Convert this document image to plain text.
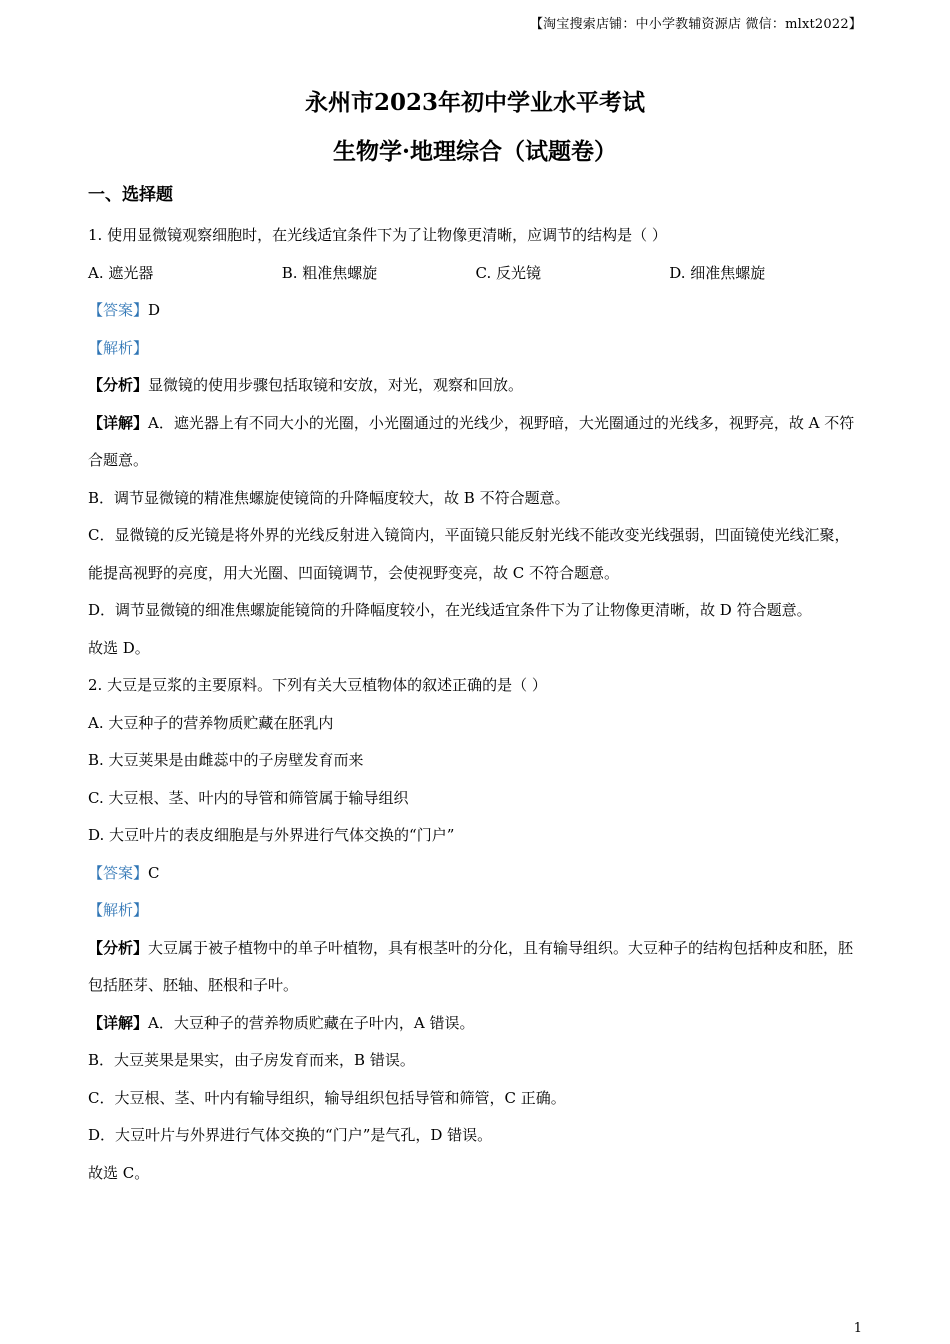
【淘宝搜索店铺：中小学教辅资源店 微信：mlxt2022】
永州市2023年初中学业水平考试
生物学·地理综合（试题卷）
一、选择题

1. 使用显微镜观察细胞时，在光线适宜条件下为了让物像更清晰，应调节的结构是（ ）

A. 遮光器	B. 粗准焦螺旋	C. 反光镜	D. 细准焦螺旋

【答案】D

【解析】

【分析】显微镜的使用步骤包括取镜和安放，对光，观察和回放。

【详解】A．遮光器上有不同大小的光圈，小光圈通过的光线少，视野暗，大光圈通过的光线多，视野亮，故 A 不符合题意。

B．调节显微镜的精准焦螺旋使镜筒的升降幅度较大，故 B 不符合题意。

C．显微镜的反光镜是将外界的光线反射进入镜筒内，平面镜只能反射光线不能改变光线强弱，凹面镜使光线汇聚，能提高视野的亮度，用大光圈、凹面镜调节，会使视野变亮，故 C 不符合题意。

D．调节显微镜的细准焦螺旋能镜筒的升降幅度较小，在光线适宜条件下为了让物像更清晰，故 D 符合题意。

故选 D。

2. 大豆是豆浆的主要原料。下列有关大豆植物体的叙述正确的是（ ）

A. 大豆种子的营养物质贮藏在胚乳内

B. 大豆荚果是由雌蕊中的子房壁发育而来

C. 大豆根、茎、叶内的导管和筛管属于输导组织

D. 大豆叶片的表皮细胞是与外界进行气体交换的“门户”

【答案】C

【解析】

【分析】大豆属于被子植物中的单子叶植物，具有根茎叶的分化，且有输导组织。大豆种子的结构包括种皮和胚，胚包括胚芽、胚轴、胚根和子叶。

【详解】A．大豆种子的营养物质贮藏在子叶内，A 错误。

B．大豆荚果是果实，由子房发育而来，B 错误。

C．大豆根、茎、叶内有输导组织，输导组织包括导管和筛管，C 正确。

D．大豆叶片与外界进行气体交换的“门户”是气孔，D 错误。

故选 C。

1
